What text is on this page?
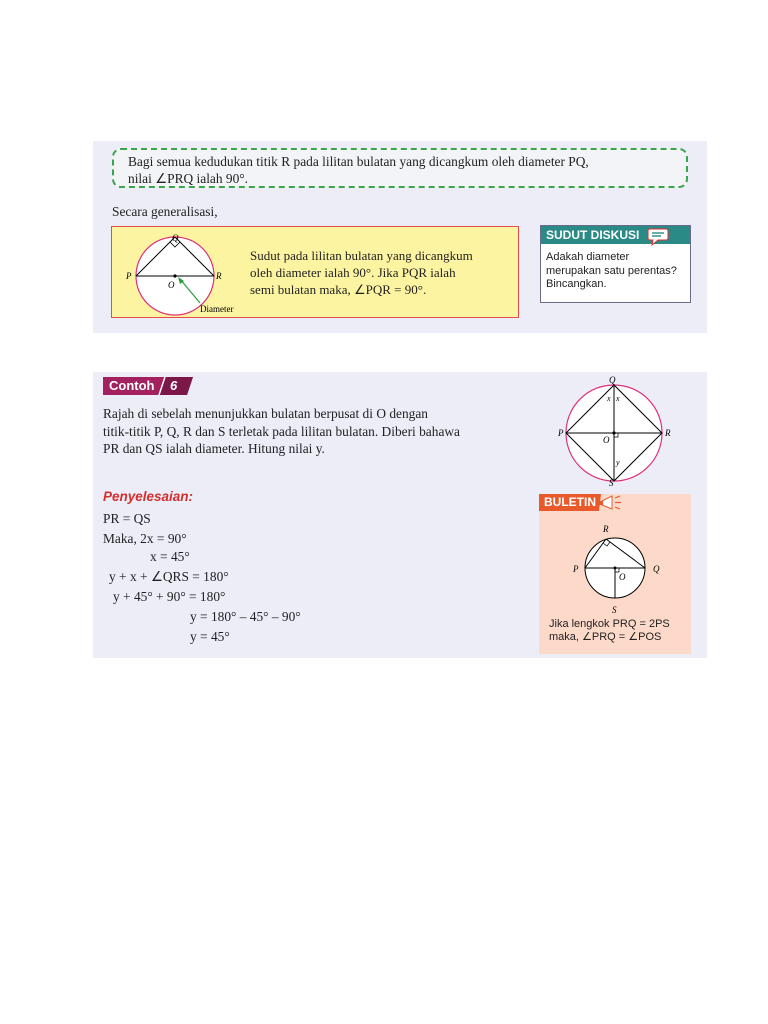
Bagi semua kedudukan titik R pada lilitan bulatan yang dicangkum oleh diameter PQ,
nilai ∠PRQ ialah 90°.
Secara generalisasi,
Q
P	R
O
Diameter
Sudut pada lilitan bulatan yang dicangkum
oleh diameter ialah 90°. Jika PQR ialah
semi bulatan maka, ∠PQR = 90°.
SUDUT DISKUSI
Adakah diameter
merupakan satu perentas?
Bincangkan.
Contoh 6
Rajah di sebelah menunjukkan bulatan berpusat di O dengan
titik-titik P, Q, R dan S terletak pada lilitan bulatan. Diberi bahawa
PR dan QS ialah diameter. Hitung nilai y.
Q
P	R
S
O
x x
y
Penyelesaian:
PR = QS
Maka, 2x = 90°
x = 45°
y + x + ∠QRS = 180°
y + 45° + 90° = 180°
y = 180° – 45° – 90°
y = 45°
BULETIN
R
P	Q
O
S
Jika lengkok PRQ = 2PS
maka, ∠PRQ = ∠POS
